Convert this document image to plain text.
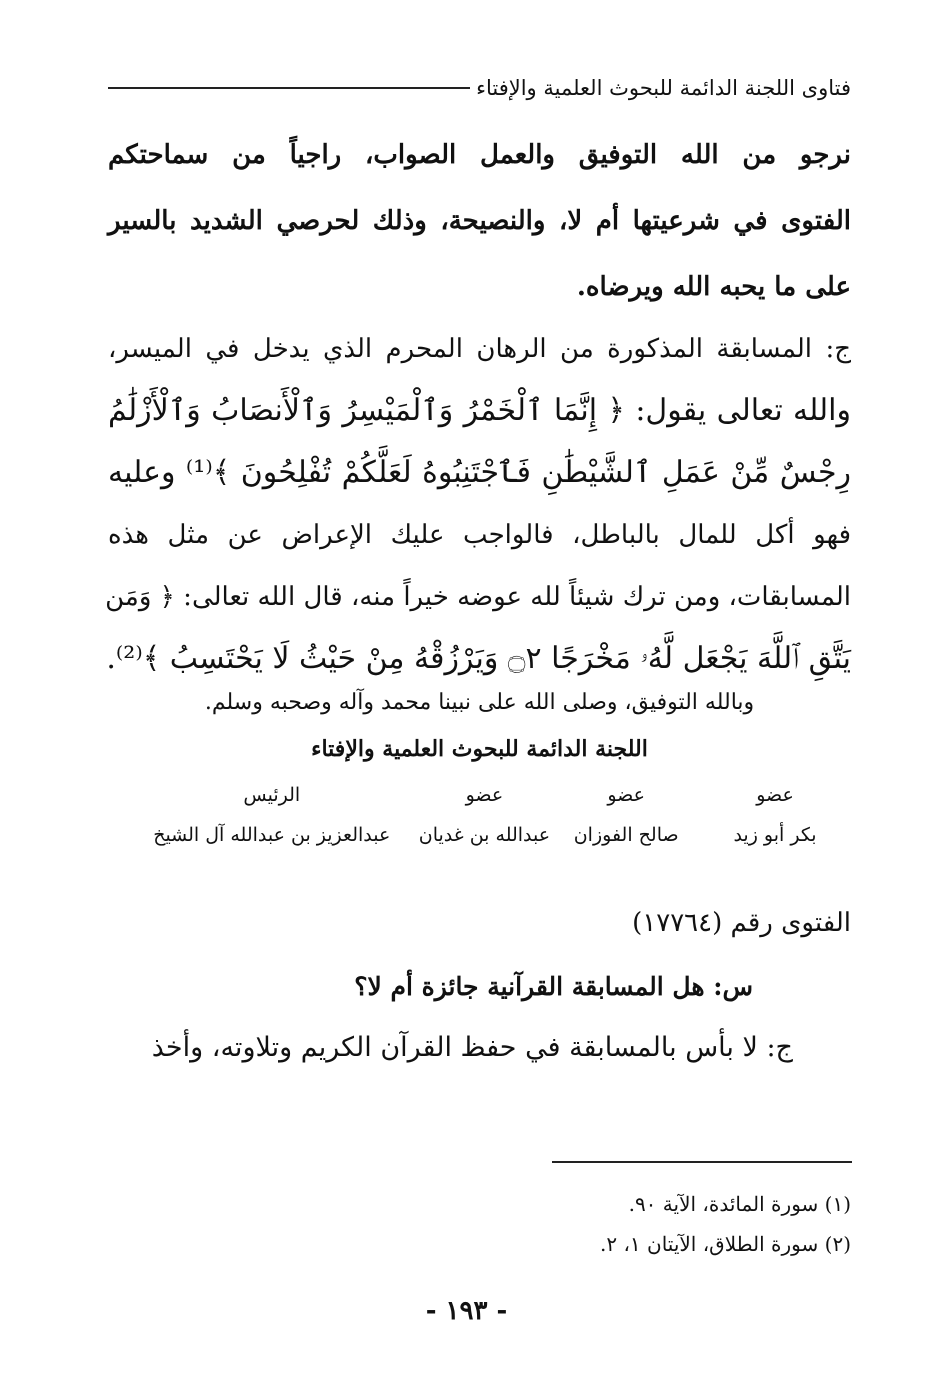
فتاوى اللجنة الدائمة للبحوث العلمية والإفتاء
نرجو من الله التوفيق والعمل الصواب، راجياً من سماحتكم
الفتوى في شرعيتها أم لا، والنصيحة، وذلك لحرصي الشديد بالسير
على ما يحبه الله ويرضاه.
ج: المسابقة المذكورة من الرهان المحرم الذي يدخل في الميسر،
والله تعالى يقول: ﴿ إِنَّمَا ٱلْخَمْرُ وَٱلْمَيْسِرُ وَٱلْأَنصَابُ وَٱلْأَزْلَٰمُ
رِجْسٌ مِّنْ عَمَلِ ٱلشَّيْطَٰنِ فَٱجْتَنِبُوهُ لَعَلَّكُمْ تُفْلِحُونَ ﴾⁽¹⁾ وعليه
فهو أكل للمال بالباطل، فالواجب عليك الإعراض عن مثل هذه
المسابقات، ومن ترك شيئاً لله عوضه خيراً منه، قال الله تعالى: ﴿ وَمَن
يَتَّقِ ٱللَّهَ يَجْعَل لَّهُۥ مَخْرَجًا ۝٢ وَيَرْزُقْهُ مِنْ حَيْثُ لَا يَحْتَسِبُ ﴾⁽²⁾.
وبالله التوفيق، وصلى الله على نبينا محمد وآله وصحبه وسلم.
اللجنة الدائمة للبحوث العلمية والإفتاء
عضو
عضو
عضو
الرئيس
بكر أبو زيد
صالح الفوزان
عبدالله بن غديان
عبدالعزيز بن عبدالله آل الشيخ
الفتوى رقم (١٧٧٦٤)
س: هل المسابقة القرآنية جائزة أم لا؟
ج: لا بأس بالمسابقة في حفظ القرآن الكريم وتلاوته، وأخذ
(١) سورة المائدة، الآية ٩٠.
(٢) سورة الطلاق، الآيتان ١، ٢.
- ١٩٣ -
